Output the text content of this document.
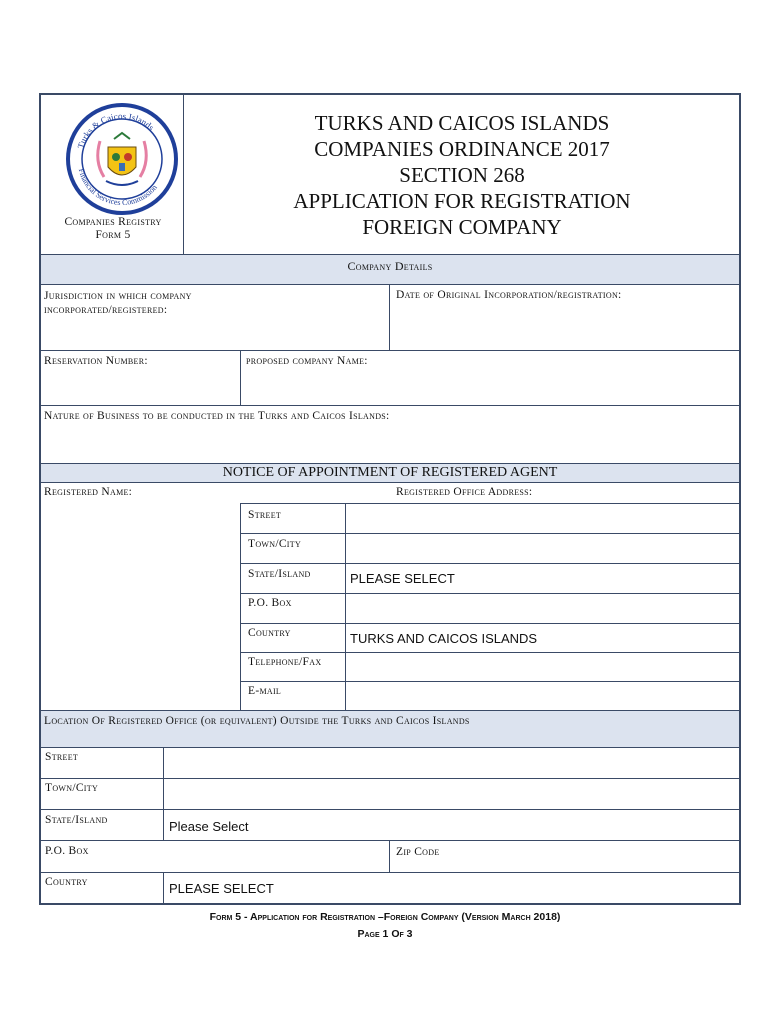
Turks & Caicos Islands
Financial Services Commission
Companies Registry
Form 5
TURKS AND CAICOS ISLANDS
COMPANIES ORDINANCE 2017
SECTION 268
APPLICATION FOR REGISTRATION
FOREIGN COMPANY
Company Details
Jurisdiction in which company
incorporated/registered:
Date of Original Incorporation/registration:
Reservation Number:	proposed company Name:
Nature of Business to be conducted in the Turks and Caicos Islands:
NOTICE OF APPOINTMENT OF REGISTERED AGENT
Registered Name:	Registered Office Address:
Street
Town/City
State/Island	PLEASE SELECT
P.O. Box
Country	TURKS AND CAICOS ISLANDS
Telephone/Fax
E-mail
Location Of Registered Office (or equivalent) Outside the Turks and Caicos Islands
Street
Town/City
State/Island	Please Select
P.O. Box	Zip Code
Country	PLEASE SELECT
Form 5 - Application for Registration –Foreign Company (Version March 2018)
Page 1 Of 3
